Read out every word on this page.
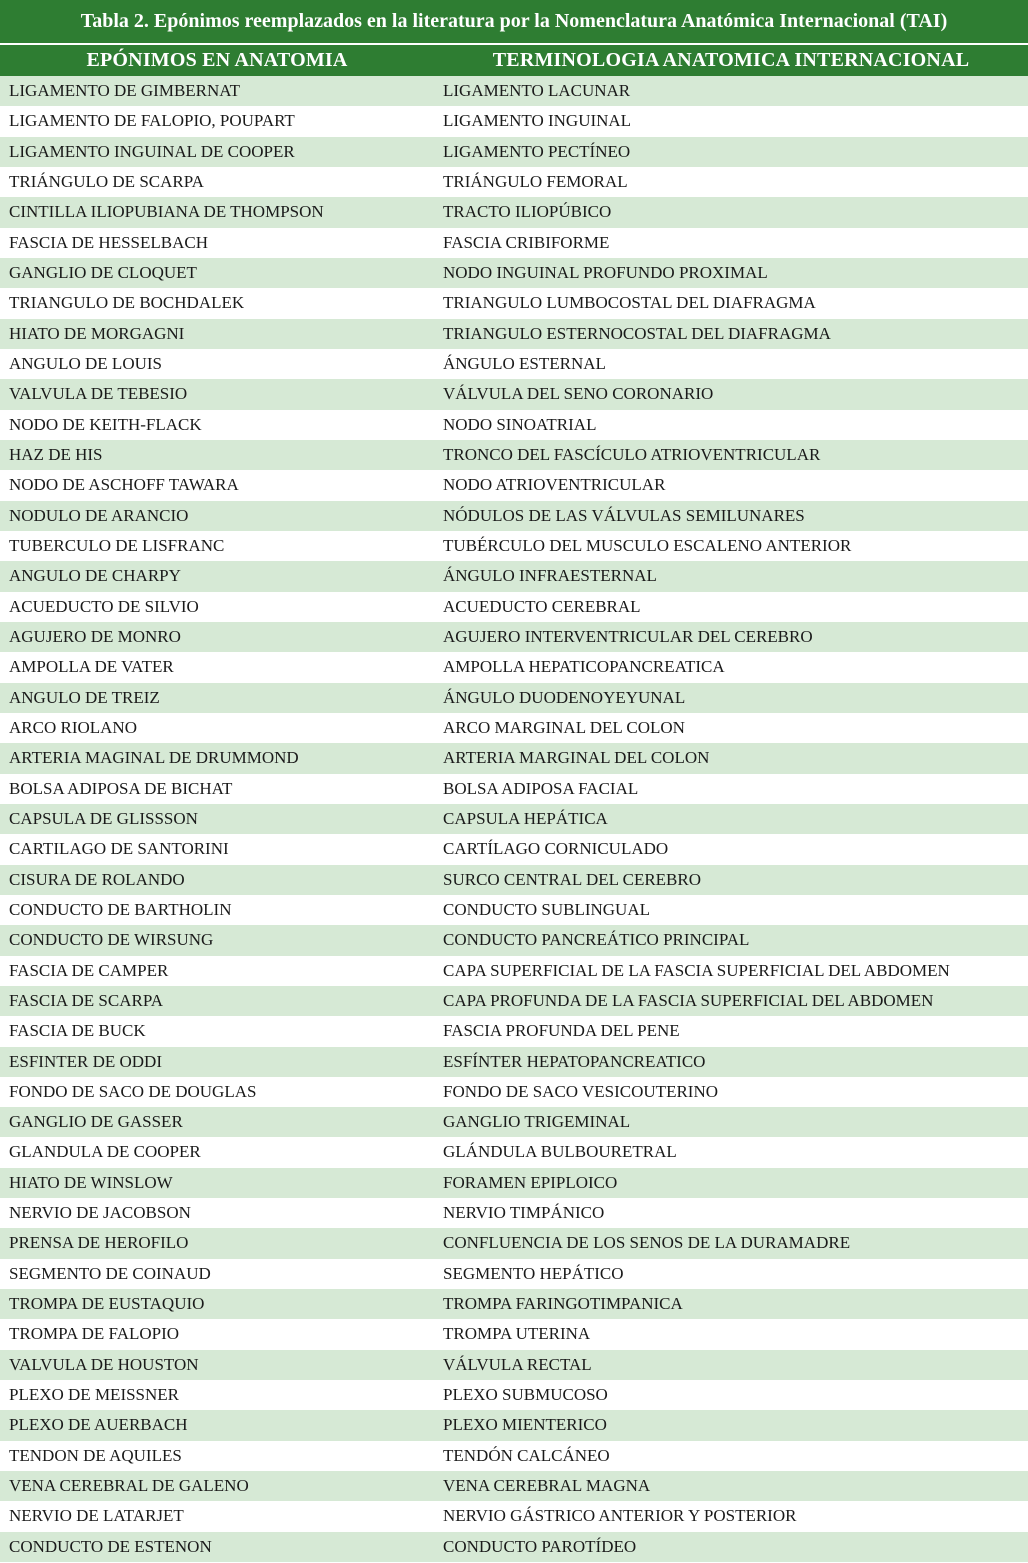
Tabla 2. Epónimos reemplazados en la literatura por la Nomenclatura Anatómica Internacional (TAI)
EPÓNIMOS EN ANATOMIA	TERMINOLOGIA ANATOMICA INTERNACIONAL
LIGAMENTO DE GIMBERNAT	LIGAMENTO LACUNAR
LIGAMENTO DE FALOPIO, POUPART	LIGAMENTO INGUINAL
LIGAMENTO INGUINAL DE COOPER	LIGAMENTO PECTÍNEO
TRIÁNGULO DE SCARPA	TRIÁNGULO FEMORAL
CINTILLA ILIOPUBIANA DE THOMPSON	TRACTO ILIOPÚBICO
FASCIA DE HESSELBACH	FASCIA CRIBIFORME
GANGLIO DE CLOQUET	NODO INGUINAL PROFUNDO PROXIMAL
TRIANGULO DE BOCHDALEK	TRIANGULO LUMBOCOSTAL DEL DIAFRAGMA
HIATO DE MORGAGNI	TRIANGULO ESTERNOCOSTAL DEL DIAFRAGMA
ANGULO DE LOUIS	ÁNGULO ESTERNAL
VALVULA DE TEBESIO	VÁLVULA DEL SENO CORONARIO
NODO DE KEITH-FLACK	NODO SINOATRIAL
HAZ DE HIS	TRONCO DEL FASCÍCULO ATRIOVENTRICULAR
NODO DE ASCHOFF TAWARA	NODO ATRIOVENTRICULAR
NODULO DE ARANCIO	NÓDULOS DE LAS VÁLVULAS SEMILUNARES
TUBERCULO DE LISFRANC	TUBÉRCULO DEL MUSCULO ESCALENO ANTERIOR
ANGULO DE CHARPY	ÁNGULO INFRAESTERNAL
ACUEDUCTO DE SILVIO	ACUEDUCTO CEREBRAL
AGUJERO DE MONRO	AGUJERO INTERVENTRICULAR DEL CEREBRO
AMPOLLA DE VATER	AMPOLLA HEPATICOPANCREATICA
ANGULO DE TREIZ	ÁNGULO DUODENOYEYUNAL
ARCO RIOLANO	ARCO MARGINAL DEL COLON
ARTERIA MAGINAL DE DRUMMOND	ARTERIA MARGINAL DEL COLON
BOLSA ADIPOSA DE BICHAT	BOLSA ADIPOSA FACIAL
CAPSULA DE GLISSSON	CAPSULA HEPÁTICA
CARTILAGO DE SANTORINI	CARTÍLAGO CORNICULADO
CISURA DE ROLANDO	SURCO CENTRAL DEL CEREBRO
CONDUCTO DE BARTHOLIN	CONDUCTO SUBLINGUAL
CONDUCTO DE WIRSUNG	CONDUCTO PANCREÁTICO PRINCIPAL
FASCIA DE CAMPER	CAPA SUPERFICIAL DE LA FASCIA SUPERFICIAL DEL ABDOMEN
FASCIA DE SCARPA	CAPA PROFUNDA DE LA FASCIA SUPERFICIAL DEL ABDOMEN
FASCIA DE BUCK	FASCIA PROFUNDA DEL PENE
ESFINTER DE ODDI	ESFÍNTER HEPATOPANCREATICO
FONDO DE SACO DE DOUGLAS	FONDO DE SACO VESICOUTERINO
GANGLIO DE GASSER	GANGLIO TRIGEMINAL
GLANDULA DE COOPER	GLÁNDULA BULBOURETRAL
HIATO DE WINSLOW	FORAMEN EPIPLOICO
NERVIO DE JACOBSON	NERVIO TIMPÁNICO
PRENSA DE HEROFILO	CONFLUENCIA DE LOS SENOS DE LA DURAMADRE
SEGMENTO DE COINAUD	SEGMENTO HEPÁTICO
TROMPA DE EUSTAQUIO	TROMPA FARINGOTIMPANICA
TROMPA DE FALOPIO	TROMPA UTERINA
VALVULA DE HOUSTON	VÁLVULA RECTAL
PLEXO DE MEISSNER	PLEXO SUBMUCOSO
PLEXO DE AUERBACH	PLEXO MIENTERICO
TENDON DE AQUILES	TENDÓN CALCÁNEO
VENA CEREBRAL DE GALENO	VENA CEREBRAL MAGNA
NERVIO DE LATARJET	NERVIO GÁSTRICO ANTERIOR Y POSTERIOR
CONDUCTO DE ESTENON	CONDUCTO PAROTÍDEO
